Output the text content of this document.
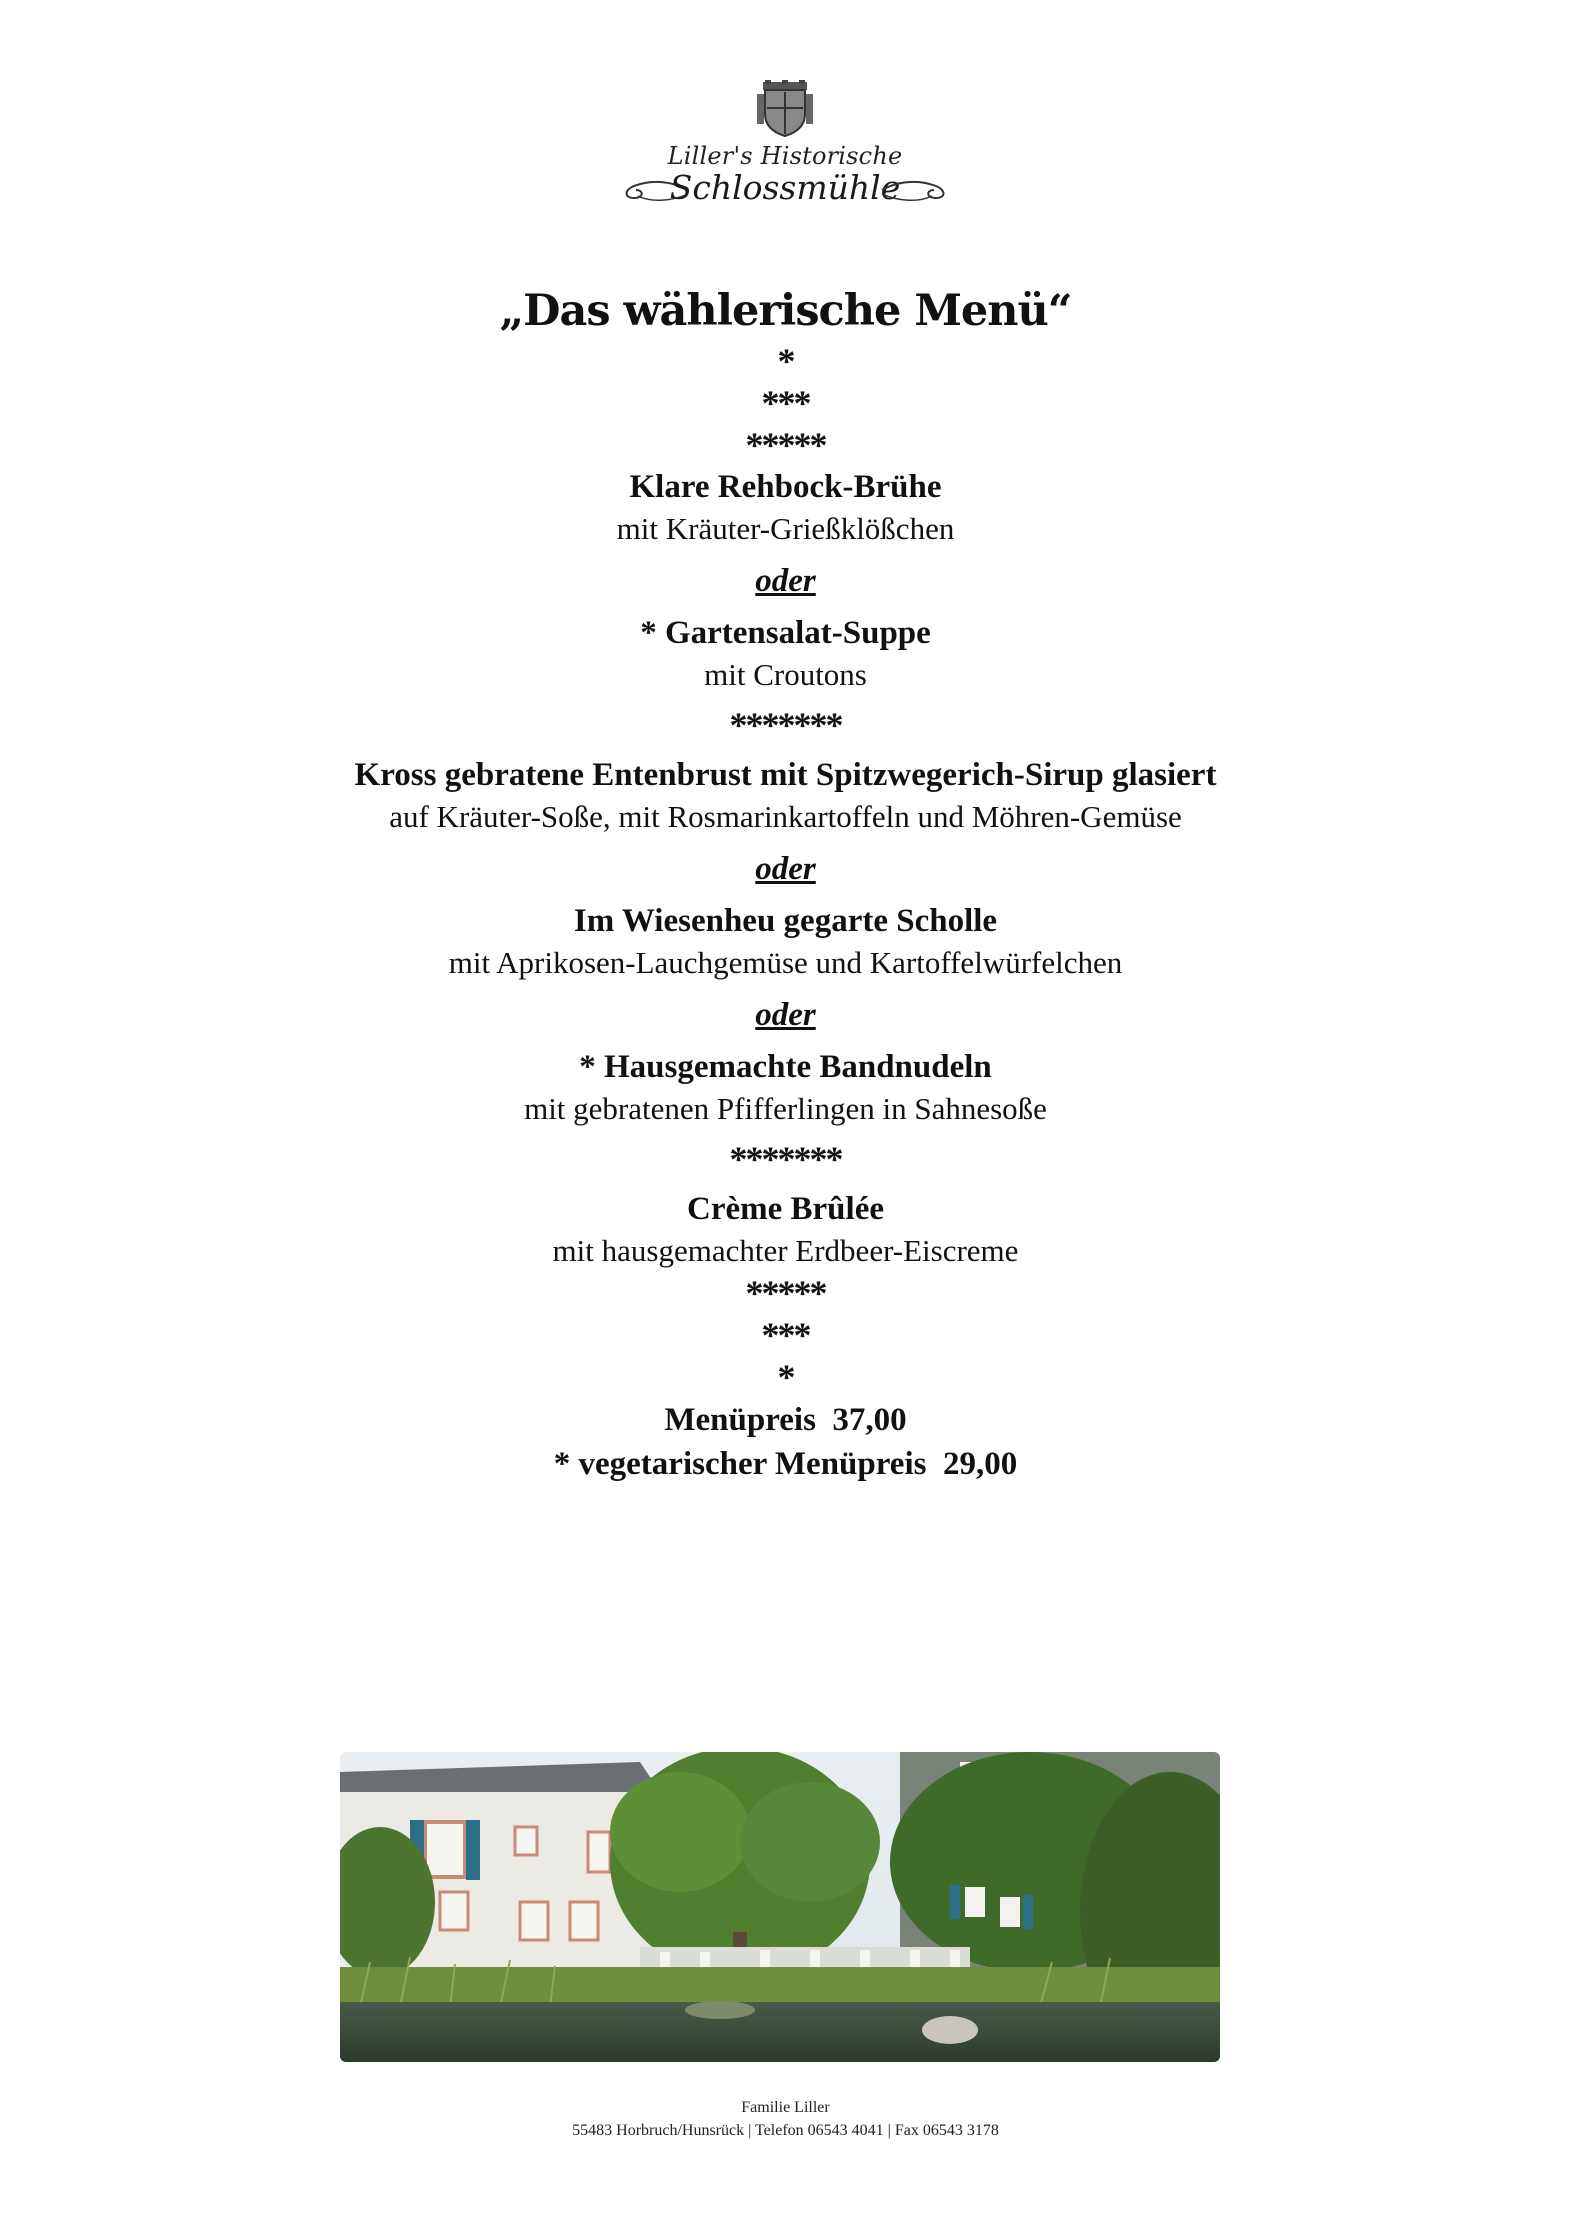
Liller's Historische
Schlossmühle
„Das wählerische Menü“
*
***
*****
Klare Rehbock-Brühe
mit Kräuter-Grießklößchen
oder
* Gartensalat-Suppe
mit Croutons
*******
Kross gebratene Entenbrust mit Spitzwegerich-Sirup glasiert
auf Kräuter-Soße, mit Rosmarinkartoffeln und Möhren-Gemüse
oder
Im Wiesenheu gegarte Scholle
mit Aprikosen-Lauchgemüse und Kartoffelwürfelchen
oder
* Hausgemachte Bandnudeln
mit gebratenen Pfifferlingen in Sahnesoße
*******
Crème Brûlée
mit hausgemachter Erdbeer-Eiscreme
*****
***
*
Menüpreis  37,00
* vegetarischer Menüpreis  29,00
Familie Liller
55483 Horbruch/Hunsrück | Telefon 06543 4041 | Fax 06543 3178
